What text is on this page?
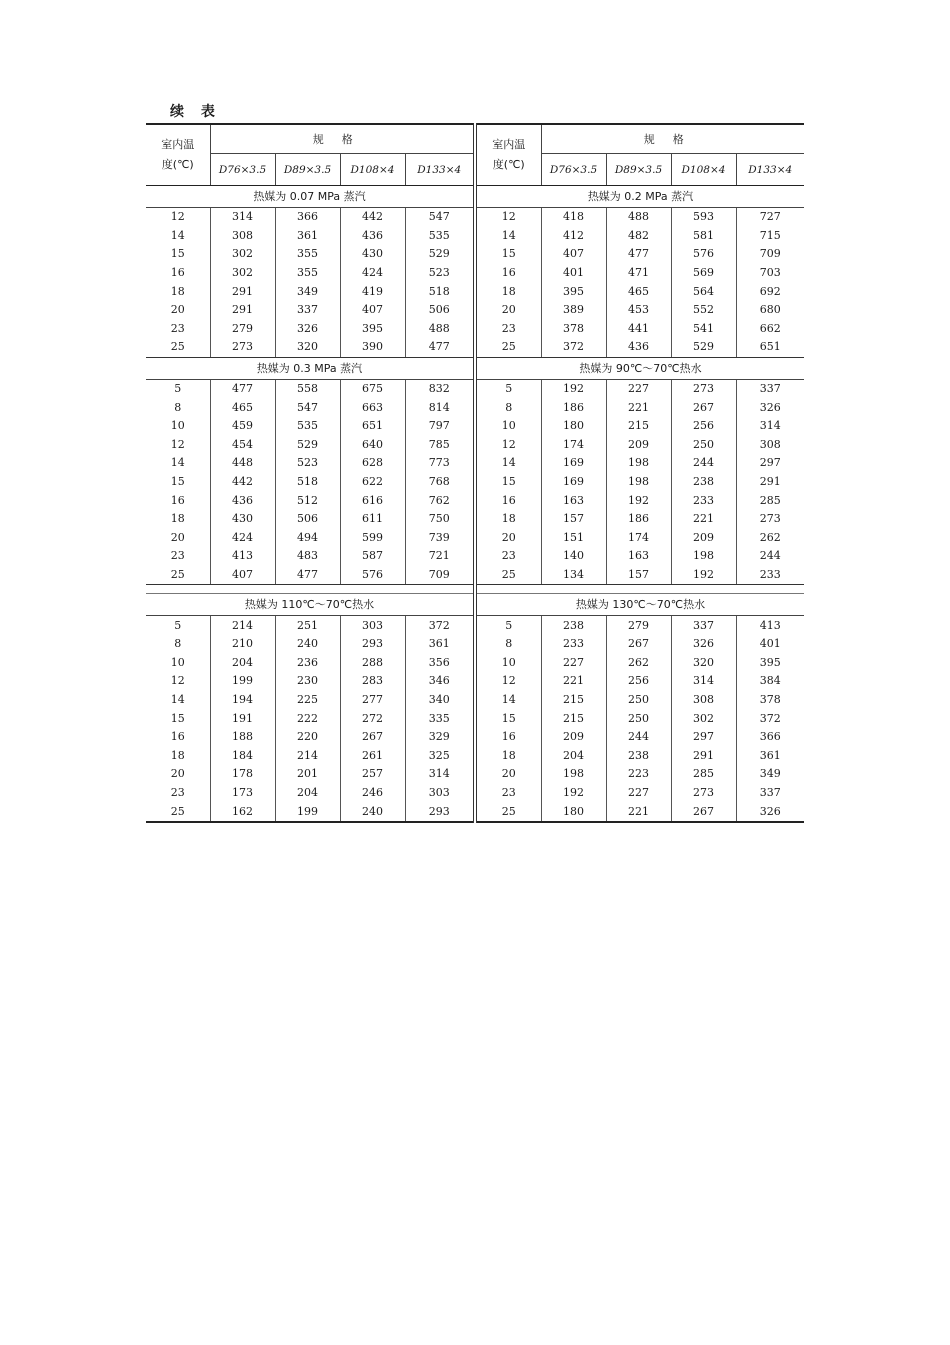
续 表

室内温
度(℃)	规格			
	D76×3.5	D89×3.5	D108×4	D133×4
热媒为 0.07 MPa 蒸汽
12	314	366	442	547
14	308	361	436	535
15	302	355	430	529
16	302	355	424	523
18	291	349	419	518
20	291	337	407	506
23	279	326	395	488
25	273	320	390	477
热媒为 0.3 MPa 蒸汽
5	477	558	675	832
8	465	547	663	814
10	459	535	651	797
12	454	529	640	785
14	448	523	628	773
15	442	518	622	768
16	436	512	616	762
18	430	506	611	750
20	424	494	599	739
23	413	483	587	721
25	407	477	576	709
热媒为 110℃～70℃热水
5	214	251	303	372
8	210	240	293	361
10	204	236	288	356
12	199	230	283	346
14	194	225	277	340
15	191	222	272	335
16	188	220	267	329
18	184	214	261	325
20	178	201	257	314
23	173	204	246	303
25	162	199	240	293
室内温
度(℃)	规格			
	D76×3.5	D89×3.5	D108×4	D133×4
热媒为 0.2 MPa 蒸汽
12	418	488	593	727
14	412	482	581	715
15	407	477	576	709
16	401	471	569	703
18	395	465	564	692
20	389	453	552	680
23	378	441	541	662
25	372	436	529	651
热媒为 90℃～70℃热水
5	192	227	273	337
8	186	221	267	326
10	180	215	256	314
12	174	209	250	308
14	169	198	244	297
15	169	198	238	291
16	163	192	233	285
18	157	186	221	273
20	151	174	209	262
23	140	163	198	244
25	134	157	192	233
热媒为 130℃～70℃热水
5	238	279	337	413
8	233	267	326	401
10	227	262	320	395
12	221	256	314	384
14	215	250	308	378
15	215	250	302	372
16	209	244	297	366
18	204	238	291	361
20	198	223	285	349
23	192	227	273	337
25	180	221	267	326
